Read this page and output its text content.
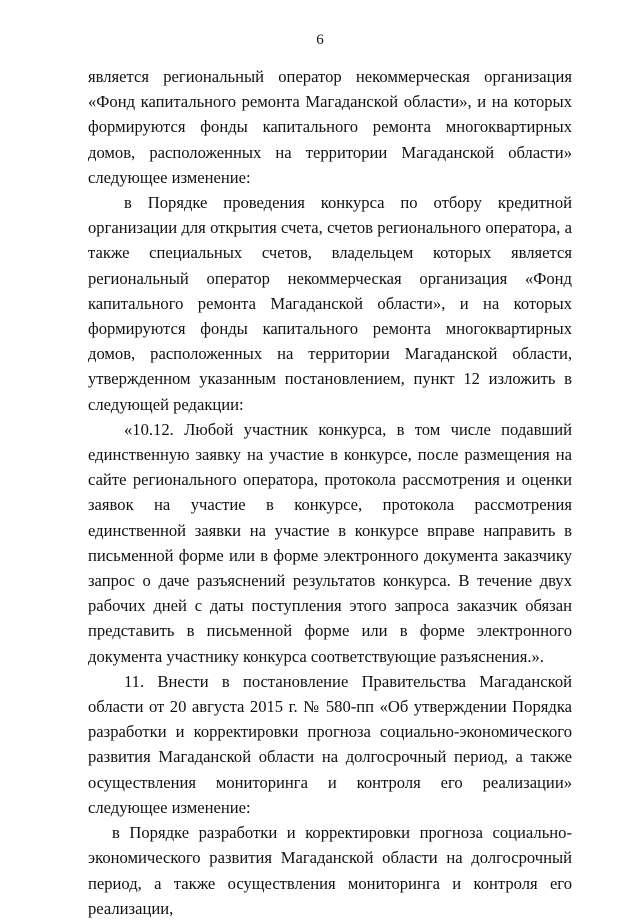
6

является региональный оператор некоммерческая организация «Фонд капитального ремонта Магаданской области», и на которых формируются фонды капитального ремонта многоквартирных домов, расположенных на территории Магаданской области» следующее изменение:

в Порядке проведения конкурса по отбору кредитной организации для открытия счета, счетов регионального оператора, а также специальных счетов, владельцем которых является региональный оператор некоммерческая организация «Фонд капитального ремонта Магаданской области», и на которых формируются фонды капитального ремонта многоквартирных домов, расположенных на территории Магаданской области, утвержденном указанным постановлением, пункт 12 изложить в следующей редакции:

«10.12. Любой участник конкурса, в том числе подавший единственную заявку на участие в конкурсе, после размещения на сайте регионального оператора, протокола рассмотрения и оценки заявок на участие в конкурсе, протокола рассмотрения единственной заявки на участие в конкурсе вправе направить в письменной форме или в форме электронного документа заказчику запрос о даче разъяснений результатов конкурса. В течение двух рабочих дней с даты поступления этого запроса заказчик обязан представить в письменной форме или в форме электронного документа участнику конкурса соответствующие разъяснения.».

11. Внести в постановление Правительства Магаданской области от 20 августа 2015 г. № 580-пп «Об утверждении Порядка разработки и корректировки прогноза социально-экономического развития Магаданской области на долгосрочный период, а также осуществления мониторинга и контроля его реализации» следующее изменение:

в Порядке разработки и корректировки прогноза социально-экономического развития Магаданской области на долгосрочный период, а также осуществления мониторинга и контроля его реализации,
